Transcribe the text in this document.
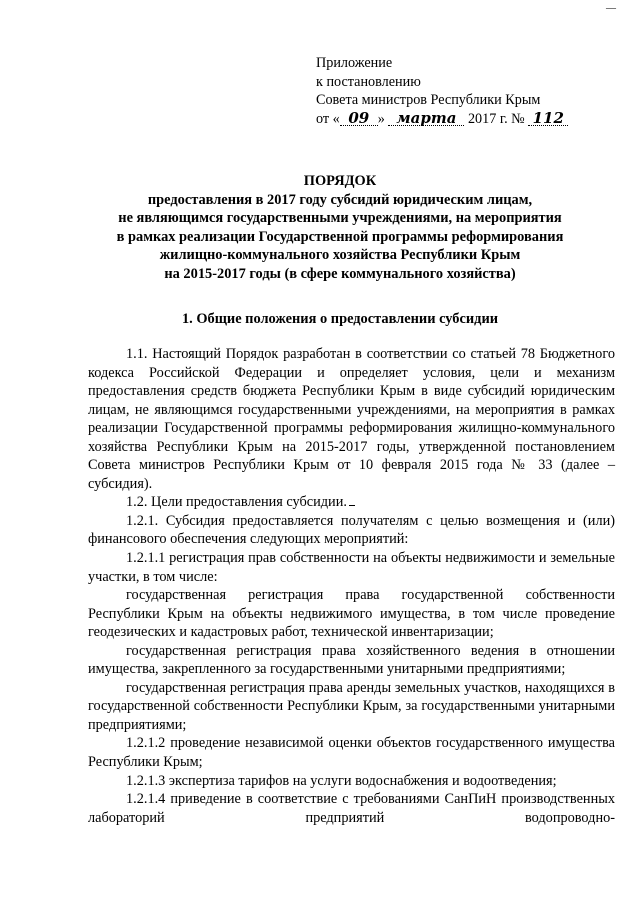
__
Приложение
к постановлению
Совета министров Республики Крым
от « 09 » марта 2017 г. № 112
ПОРЯДОК
предоставления в 2017 году субсидий юридическим лицам,
не являющимся государственными учреждениями, на мероприятия
в рамках реализации Государственной программы реформирования
жилищно-коммунального хозяйства Республики Крым
на 2015-2017 годы (в сфере коммунального хозяйства)
1. Общие положения о предоставлении субсидии

1.1. Настоящий Порядок разработан в соответствии со статьей 78 Бюджетного кодекса Российской Федерации и определяет условия, цели и механизм предоставления средств бюджета Республики Крым в виде субсидий юридическим лицам, не являющимся государственными учреждениями, на мероприятия в рамках реализации Государственной программы реформирования жилищно-коммунального хозяйства Республики Крым на 2015-2017 годы, утвержденной постановлением Совета министров Республики Крым от 10 февраля 2015 года № 33 (далее – субсидия).

1.2. Цели предоставления субсидии.

1.2.1. Субсидия предоставляется получателям с целью возмещения и (или) финансового обеспечения следующих мероприятий:

1.2.1.1 регистрация прав собственности на объекты недвижимости и земельные участки, в том числе:

государственная регистрация права государственной собственности Республики Крым на объекты недвижимого имущества, в том числе проведение геодезических и кадастровых работ, технической инвентаризации;

государственная регистрация права хозяйственного ведения в отношении имущества, закрепленного за государственными унитарными предприятиями;

государственная регистрация права аренды земельных участков, находящихся в государственной собственности Республики Крым, за государственными унитарными предприятиями;

1.2.1.2 проведение независимой оценки объектов государственного имущества Республики Крым;

1.2.1.3 экспертиза тарифов на услуги водоснабжения и водоотведения;

1.2.1.4 приведение в соответствие с требованиями СанПиН производственных лабораторий предприятий водопроводно-
